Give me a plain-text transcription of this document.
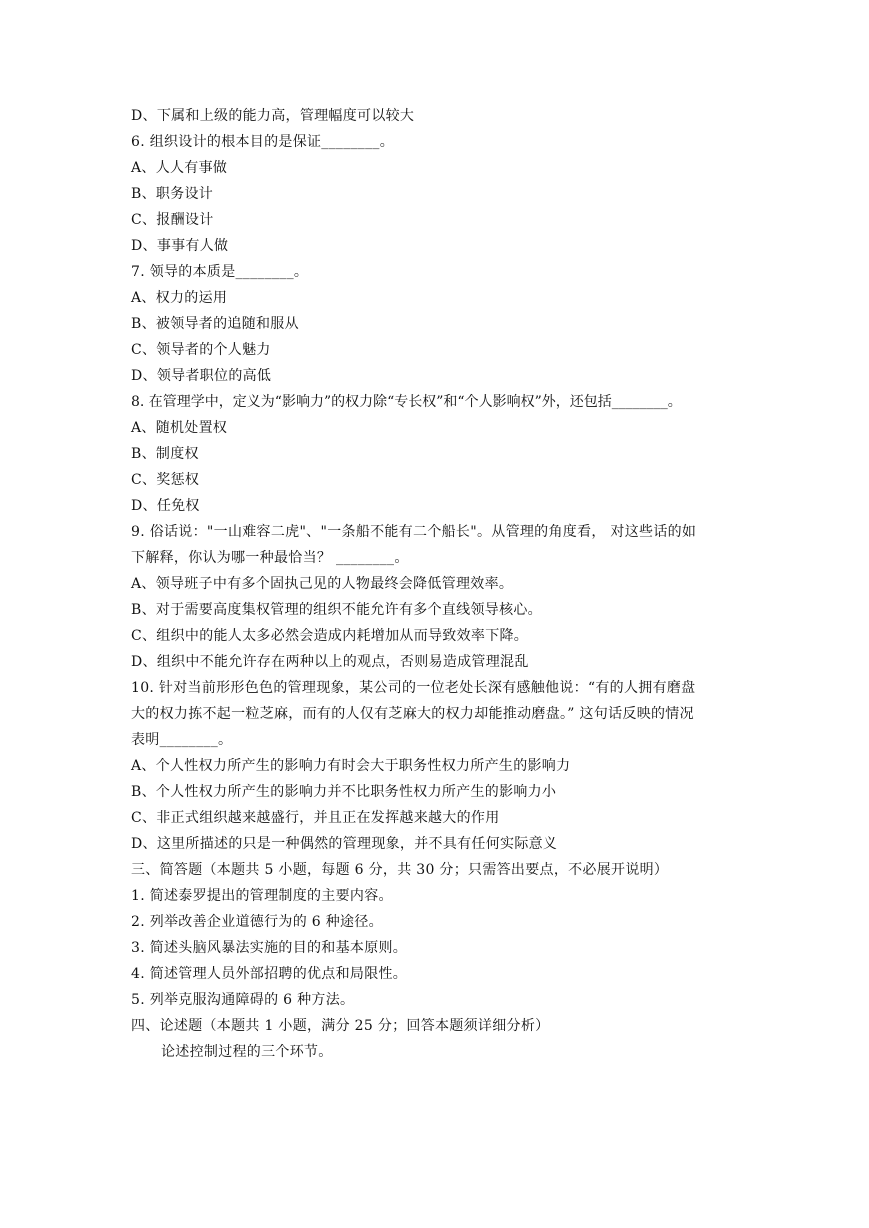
D、下属和上级的能力高，管理幅度可以较大
6. 组织设计的根本目的是保证________。
A、人人有事做
B、职务设计
C、报酬设计
D、事事有人做
7. 领导的本质是________。
A、权力的运用
B、被领导者的追随和服从
C、领导者的个人魅力
D、领导者职位的高低
8. 在管理学中，定义为“影响力”的权力除“专长权”和“个人影响权”外，还包括________。
A、随机处置权
B、制度权
C、奖惩权
D、任免权
9. 俗话说："一山难容二虎"、"一条船不能有二个船长"。从管理的角度看， 对这些话的如
下解释，你认为哪一种最恰当？ ________。
A、领导班子中有多个固执己见的人物最终会降低管理效率。
B、对于需要高度集权管理的组织不能允许有多个直线领导核心。
C、组织中的能人太多必然会造成内耗增加从而导致效率下降。
D、组织中不能允许存在两种以上的观点，否则易造成管理混乱
10. 针对当前形形色色的管理现象，某公司的一位老处长深有感触他说：“有的人拥有磨盘
大的权力拣不起一粒芝麻，而有的人仅有芝麻大的权力却能推动磨盘。” 这句话反映的情况
表明________。
A、个人性权力所产生的影响力有时会大于职务性权力所产生的影响力
B、个人性权力所产生的影响力并不比职务性权力所产生的影响力小
C、非正式组织越来越盛行，并且正在发挥越来越大的作用
D、这里所描述的只是一种偶然的管理现象，并不具有任何实际意义
三、简答题（本题共 5 小题，每题 6 分，共 30 分；只需答出要点，不必展开说明）
1. 简述泰罗提出的管理制度的主要内容。
2. 列举改善企业道德行为的 6 种途径。
3. 简述头脑风暴法实施的目的和基本原则。
4. 简述管理人员外部招聘的优点和局限性。
5. 列举克服沟通障碍的 6 种方法。
四、论述题（本题共 1 小题，满分 25 分；回答本题须详细分析）
论述控制过程的三个环节。
